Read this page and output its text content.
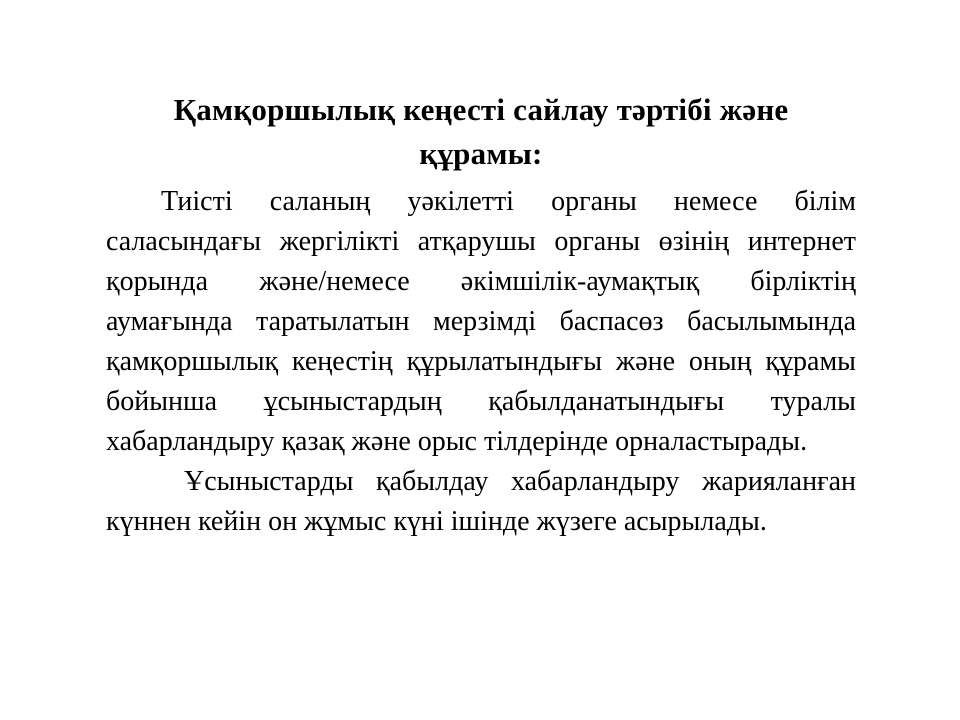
Қамқоршылық кеңесті сайлау тәртібі және құрамы:

Тиісті саланың уәкілетті органы немесе білім саласындағы жергілікті атқарушы органы өзінің интернет қорында және/немесе әкімшілік-аумақтық бірліктің аумағында таратылатын мерзімді баспасөз басылымында қамқоршылық кеңестің құрылатындығы және оның құрамы бойынша ұсыныстардың қабылданатындығы туралы хабарландыру қазақ және орыс тілдерінде орналастырады.

Ұсыныстарды қабылдау хабарландыру жарияланған күннен кейін он жұмыс күні ішінде жүзеге асырылады.
